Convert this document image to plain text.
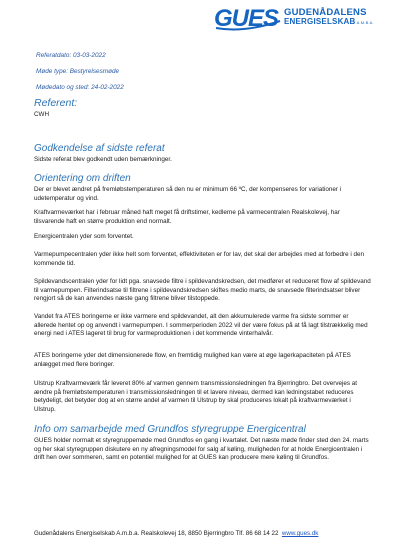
GUES GUDENÅDALENS
ENERGISELSKAB A.M.B.A
Referatdato: 03-03-2022
Møde type: Bestyrelsesmøde
Mødedato og sted: 24-02-2022
Referent:
CWH
Godkendelse af sidste referat
Sidste referat blev godkendt uden bemærkninger.
Orientering om driften
Der er blevet ændret på fremløbstemperaturen så den nu er minimum 66 ºC, der kompenseres for variationer i udetemperatur og vind.
Kraftvarmeværket har i februar måned haft meget få driftstimer, kedlerne på varmecentralen Realskolevej, har tilsvarende haft en større produktion end normalt.
Energicentralen yder som forventet.
Varmepumpecentralen yder ikke helt som forventet, effektiviteten er for lav, det skal der arbejdes med at forbedre i den kommende tid.
Spildevandscentralen yder for lidt pga. snavsede filtre i spildevandskredsen, det medfører et reduceret flow af spildevand til varmepumpen. Filterindsatse til filtrene i spildevandskredsen skiftes medio marts, de snavsede filterindsatser bliver rengjort så de kan anvendes næste gang filtrene bliver tilstoppede.
Vandet fra ATES boringerne er ikke varmere end spildevandet, alt den akkumulerede varme fra sidste sommer er allerede hentet op og anvendt i varmepumpen. I sommerperioden 2022 vil der være fokus på at få lagt tilstrækkelig med energi ned i ATES lageret til brug for varmeproduktionen i det kommende vinterhalvår.
ATES boringerne yder det dimensionerede flow, en fremtidig mulighed kan være at øge lagerkapaciteten på ATES anlægget med flere boringer.
Ulstrup Kraftvarmeværk får leveret 80% af varmen gennem transmissionsledningen fra Bjerringbro. Det overvejes at ændre på fremløbstemperaturen i transmissionsledningen til et lavere niveau, dermed kan ledningstabet reduceres betydeligt, det betyder dog at en større andel af varmen til Ulstrup by skal produceres lokalt på kraftvarmeværket i Ulstrup.
Info om samarbejde med Grundfos styregruppe Energicentral
GUES holder normalt et styregruppemøde med Grundfos en gang i kvartalet. Det næste møde finder sted den 24. marts og her skal styregruppen diskutere en ny afregningsmodel for salg af køling, muligheden for at holde Energicentralen i drift hen over sommeren, samt en potentiel mulighed for at GUES kan producere mere køling til Grundfos.
Gudenådalens Energiselskab A.m.b.a. Realskolevej 18, 8850 Bjerringbro Tlf. 86 68 14 22 www.gues.dk
